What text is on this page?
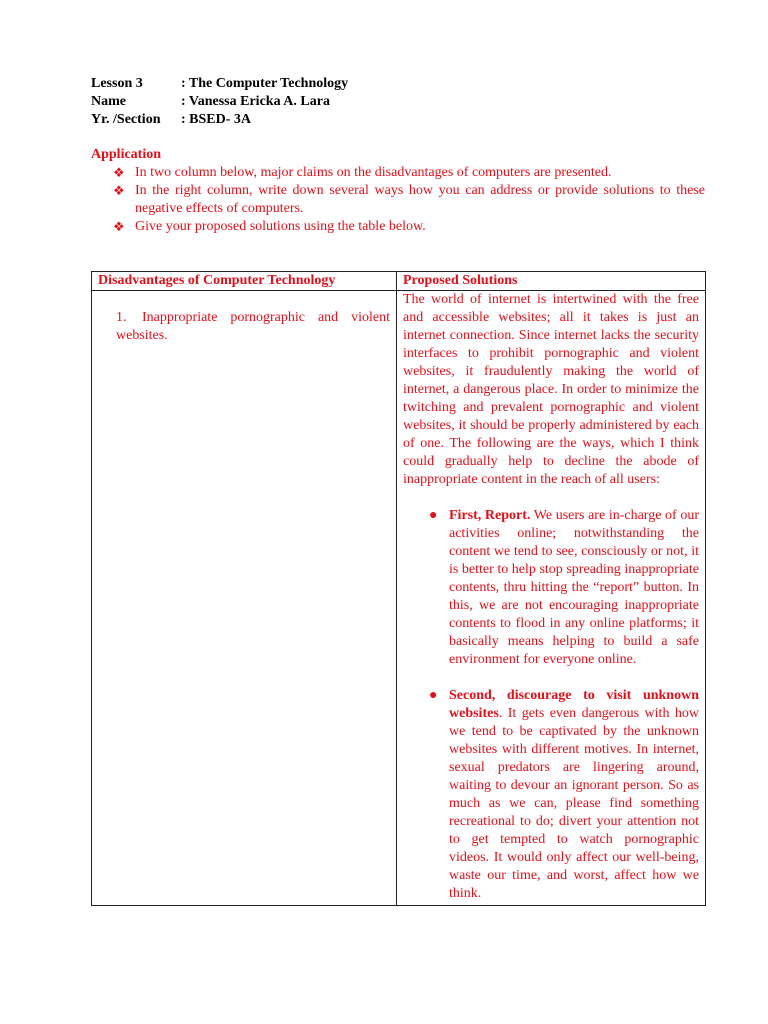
Lesson 3	: The Computer Technology
Name	: Vanessa Ericka A. Lara
Yr. /Section	: BSED- 3A
Application
❖ In two column below, major claims on the disadvantages of computers are presented.
❖ In the right column, write down several ways how you can address or provide solutions to these negative effects of computers.
❖ Give your proposed solutions using the table below.
Disadvantages of Computer Technology	Proposed Solutions
1. Inappropriate pornographic and violent websites.	The world of internet is intertwined with the free and accessible websites; all it takes is just an internet connection. Since internet lacks the security interfaces to prohibit pornographic and violent websites, it fraudulently making the world of internet, a dangerous place. In order to minimize the twitching and prevalent pornographic and violent websites, it should be properly administered by each of one. The following are the ways, which I think could gradually help to decline the abode of inappropriate content in the reach of all users:
● First, Report. We users are in-charge of our activities online; notwithstanding the content we tend to see, consciously or not, it is better to help stop spreading inappropriate contents, thru hitting the “report” button. In this, we are not encouraging inappropriate contents to flood in any online platforms; it basically means helping to build a safe environment for everyone online.
● Second, discourage to visit unknown websites. It gets even dangerous with how we tend to be captivated by the unknown websites with different motives. In internet, sexual predators are lingering around, waiting to devour an ignorant person. So as much as we can, please find something recreational to do; divert your attention not to get tempted to watch pornographic videos. It would only affect our well-being, waste our time, and worst, affect how we think.
